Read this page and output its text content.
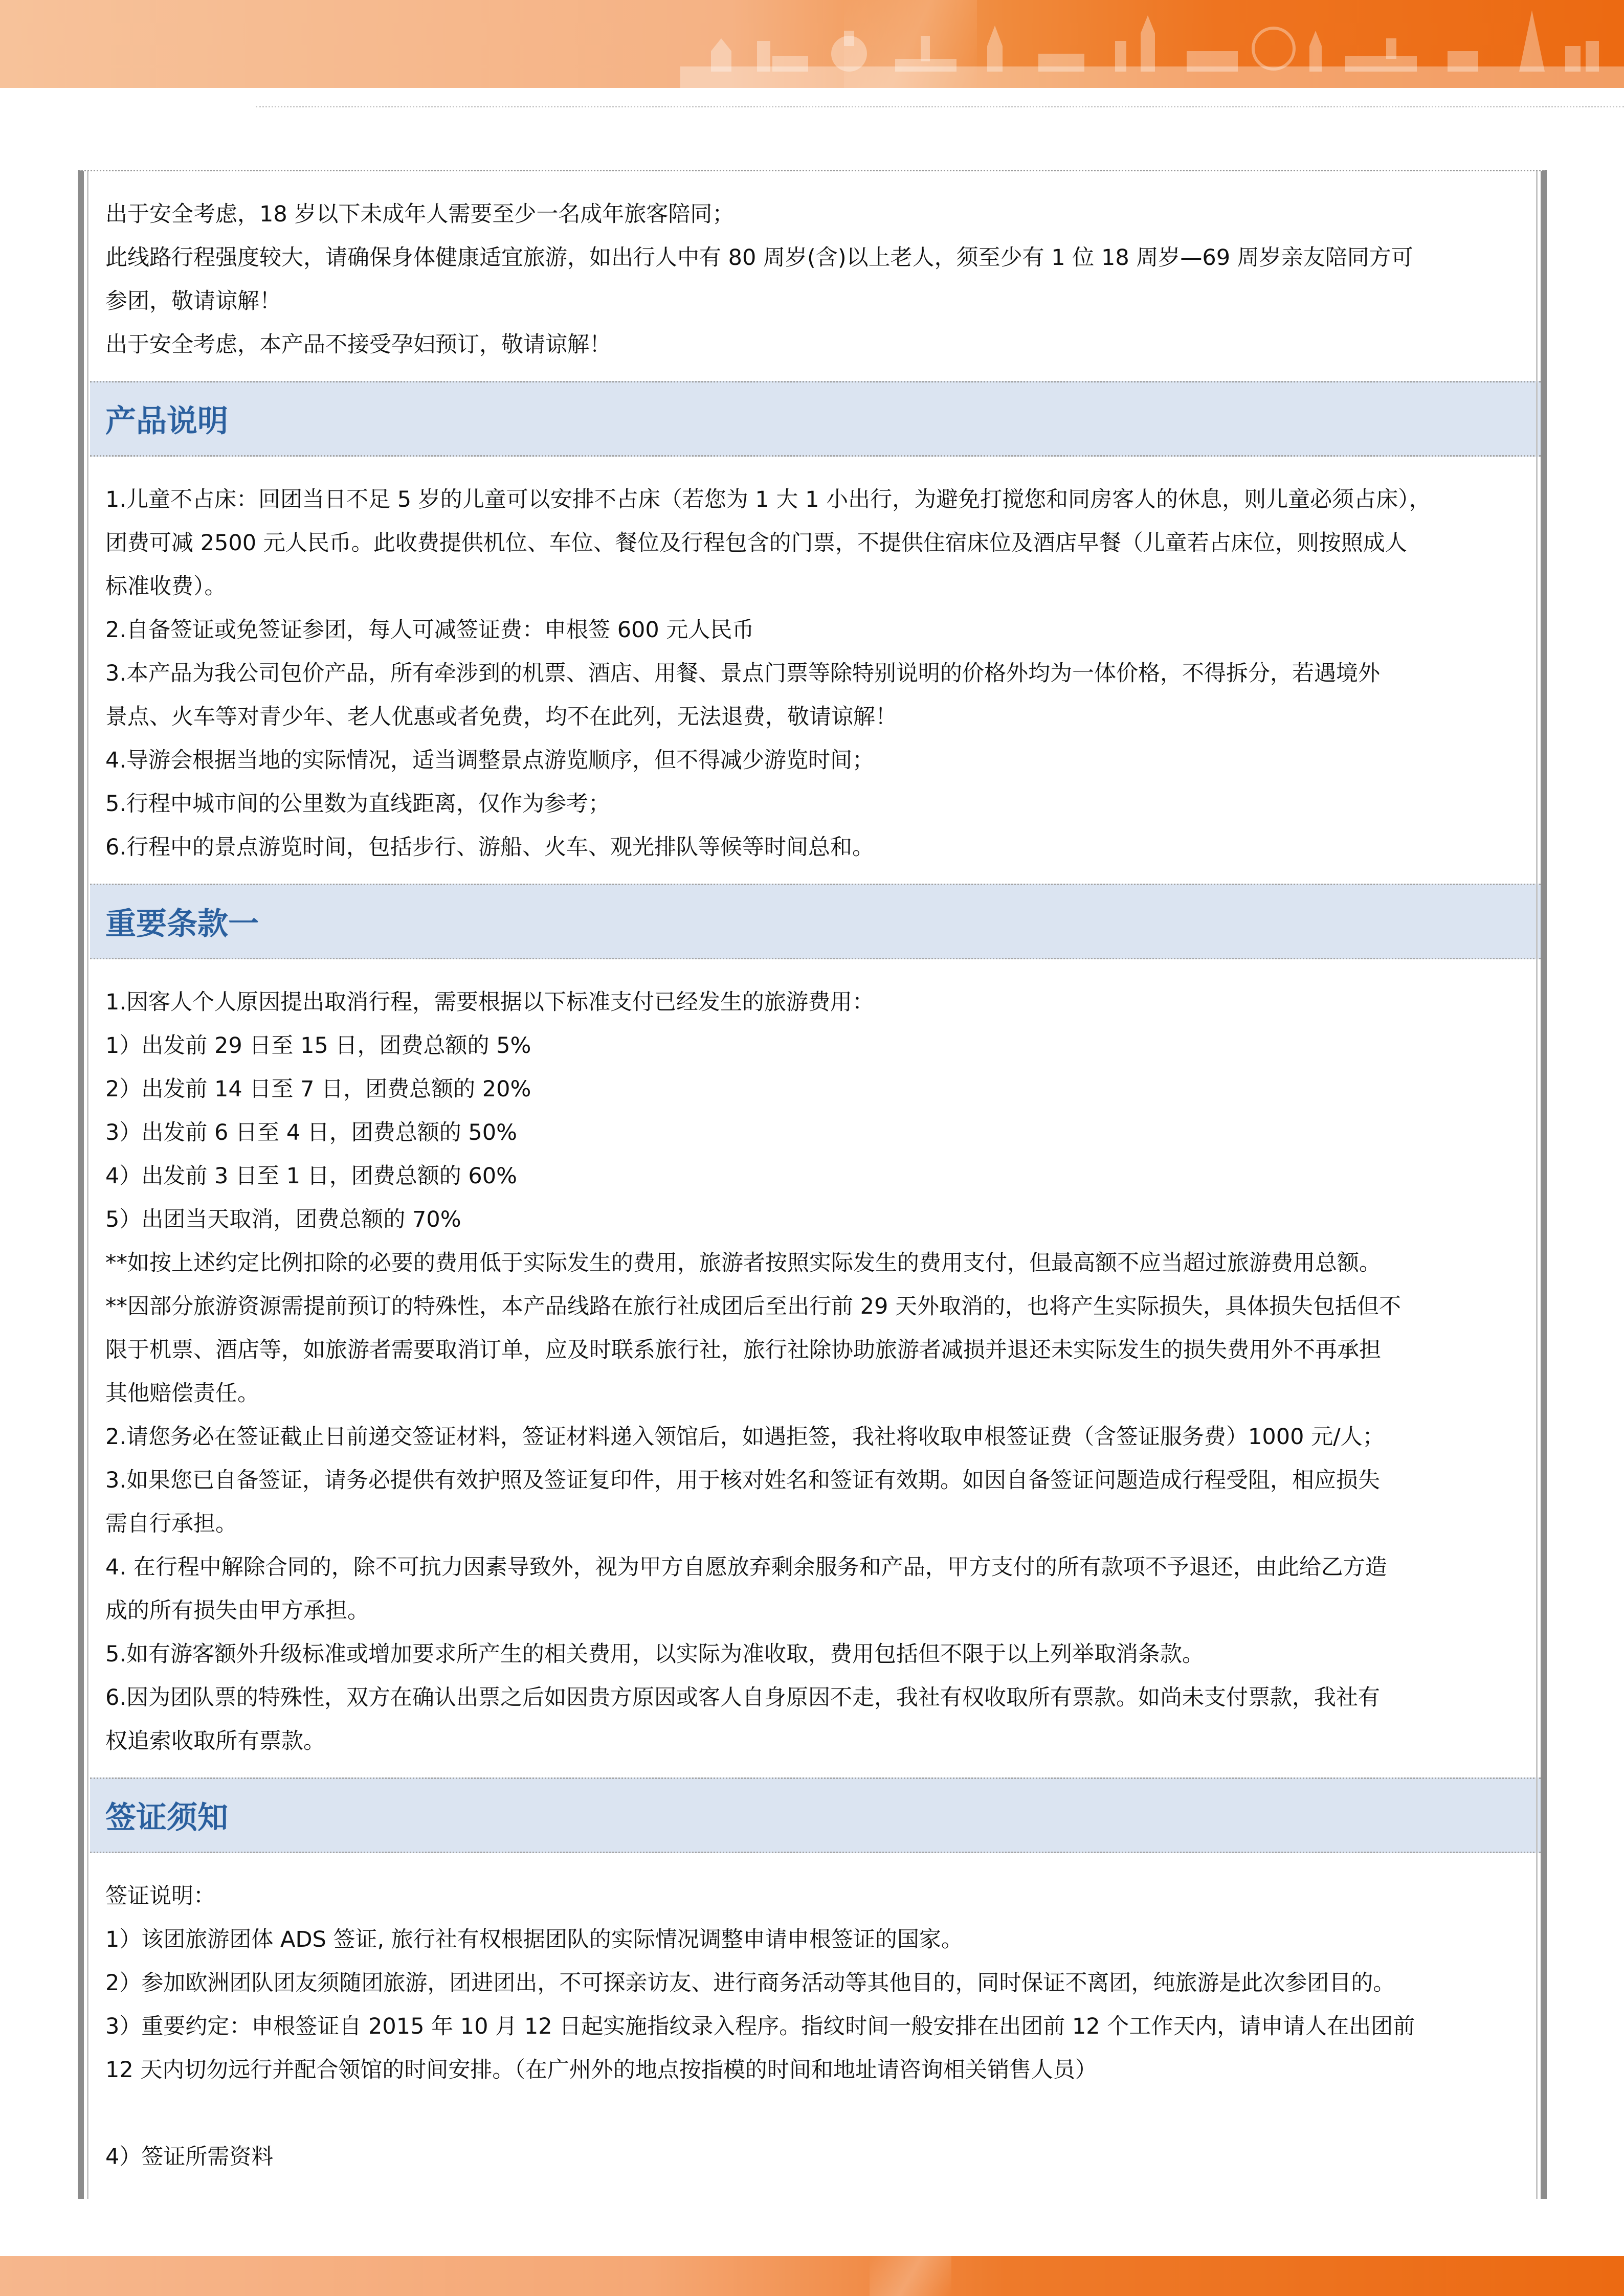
出于安全考虑，18 岁以下未成年人需要至少一名成年旅客陪同；

此线路行程强度较大，请确保身体健康适宜旅游，如出行人中有 80 周岁(含)以上老人，须至少有 1 位 18 周岁—69 周岁亲友陪同方可

参团，敬请谅解！

出于安全考虑，本产品不接受孕妇预订，敬请谅解！

产品说明

1.儿童不占床：回团当日不足 5 岁的儿童可以安排不占床（若您为 1 大 1 小出行，为避免打搅您和同房客人的休息，则儿童必须占床），

团费可减 2500 元人民币。此收费提供机位、车位、餐位及行程包含的门票，不提供住宿床位及酒店早餐（儿童若占床位，则按照成人

标准收费）。

2.自备签证或免签证参团，每人可减签证费：申根签 600 元人民币

3.本产品为我公司包价产品，所有牵涉到的机票、酒店、用餐、景点门票等除特别说明的价格外均为一体价格，不得拆分，若遇境外

景点、火车等对青少年、老人优惠或者免费，均不在此列，无法退费，敬请谅解！

4.导游会根据当地的实际情况，适当调整景点游览顺序，但不得减少游览时间；

5.行程中城市间的公里数为直线距离，仅作为参考；

6.行程中的景点游览时间，包括步行、游船、火车、观光排队等候等时间总和。

重要条款一

1.因客人个人原因提出取消行程，需要根据以下标准支付已经发生的旅游费用：

1）出发前 29 日至 15 日，团费总额的 5%

2）出发前 14 日至 7 日，团费总额的 20%

3）出发前 6 日至 4 日，团费总额的 50%

4）出发前 3 日至 1 日，团费总额的 60%

5）出团当天取消，团费总额的 70%

**如按上述约定比例扣除的必要的费用低于实际发生的费用，旅游者按照实际发生的费用支付，但最高额不应当超过旅游费用总额。

**因部分旅游资源需提前预订的特殊性，本产品线路在旅行社成团后至出行前 29 天外取消的，也将产生实际损失，具体损失包括但不

限于机票、酒店等，如旅游者需要取消订单，应及时联系旅行社，旅行社除协助旅游者减损并退还未实际发生的损失费用外不再承担

其他赔偿责任。

2.请您务必在签证截止日前递交签证材料，签证材料递入领馆后，如遇拒签，我社将收取申根签证费（含签证服务费）1000 元/人；

3.如果您已自备签证，请务必提供有效护照及签证复印件，用于核对姓名和签证有效期。如因自备签证问题造成行程受阻，相应损失

需自行承担。

4. 在行程中解除合同的，除不可抗力因素导致外，视为甲方自愿放弃剩余服务和产品，甲方支付的所有款项不予退还，由此给乙方造

成的所有损失由甲方承担。

5.如有游客额外升级标准或增加要求所产生的相关费用，以实际为准收取，费用包括但不限于以上列举取消条款。

6.因为团队票的特殊性，双方在确认出票之后如因贵方原因或客人自身原因不走，我社有权收取所有票款。如尚未支付票款，我社有

权追索收取所有票款。

签证须知

签证说明：

1）该团旅游团体 ADS 签证, 旅行社有权根据团队的实际情况调整申请申根签证的国家。

2）参加欧洲团队团友须随团旅游，团进团出，不可探亲访友、进行商务活动等其他目的，同时保证不离团，纯旅游是此次参团目的。

3）重要约定：申根签证自 2015 年 10 月 12 日起实施指纹录入程序。指纹时间一般安排在出团前 12 个工作天内，请申请人在出团前

12 天内切勿远行并配合领馆的时间安排。（在广州外的地点按指模的时间和地址请咨询相关销售人员）

4）签证所需资料
